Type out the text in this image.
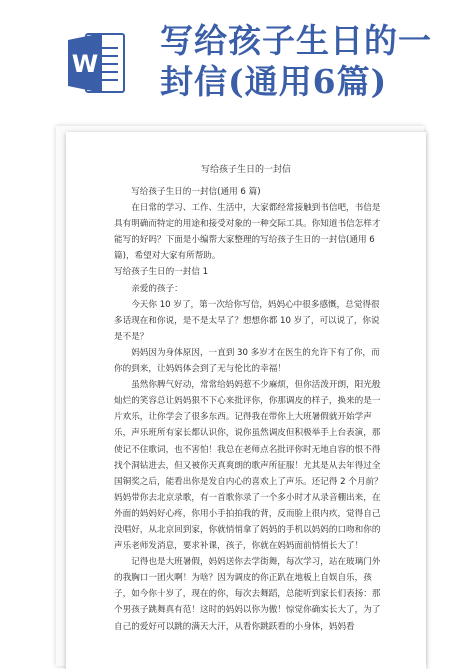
W
写给孩子生日的一
封信(通用6篇)
写给孩子生日的一封信

写给孩子生日的一封信(通用 6 篇)

在日常的学习、工作、生活中，大家都经常接触到书信吧，书信是具有明确而特定的用途和接受对象的一种交际工具。你知道书信怎样才能写的好吗？下面是小编帮大家整理的写给孩子生日的一封信(通用 6 篇)，希望对大家有所帮助。

写给孩子生日的一封信 1

亲爱的孩子：

今天你 10 岁了，第一次给你写信，妈妈心中很多感慨，总觉得很多话现在和你说，是不是太早了？想想你都 10 岁了，可以说了，你说是不是？

妈妈因为身体原因，一直到 30 多岁才在医生的允许下有了你，而你的到来，让妈妈体会到了无与伦比的幸福！

虽然你脾气好动，常常给妈妈惹不少麻烦，但你活泼开朗，阳光般灿烂的笑容总让妈妈狠不下心来批评你，你那调皮的样子，换来的是一片欢乐，让你学会了很多东西。记得我在带你上大班暑假就开始学声乐，声乐班所有家长都认识你，说你虽然调皮但积极举手上台表演，那使记不住歌词，也不害怕！我总在老师点名批评你时无地自容的恨不得找个洞钻进去，但又被你天真爽朗的歌声所征服！尤其是从去年得过全国铜奖之后，能看出你是发自内心的喜欢上了声乐。还记得 2 个月前？妈妈带你去北京录歌，有一首歌你录了一个多小时才从录音棚出来，在外面的妈妈好心疼，你用小手拍拍我的背，反而脸上很内疚，觉得自己没唱好，从北京回到家，你就悄悄拿了妈妈的手机以妈妈的口吻和你的声乐老师发消息，要求补课，孩子，你就在妈妈面前悄悄长大了！

记得也是大班暑假，妈妈送你去学街舞，每次学习，站在玻璃门外的我胸口一团火啊！为啥？因为调皮的你正趴在地板上自娱自乐，孩子，如今你十岁了，现在的你，每次去舞蹈，总能听到家长们表扬：那个男孩子跳舞真有范！这时的妈妈以你为傲！惊觉你确实长大了，为了自己的爱好可以跳的满天大汗，从看你跳跃看的小身体，妈妈看
